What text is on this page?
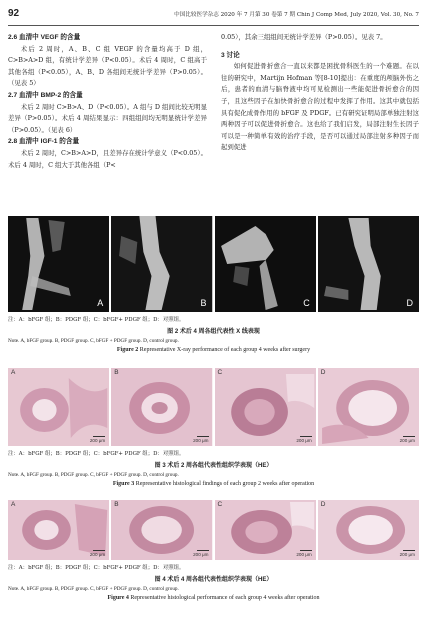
92	中国比较医学杂志 2020 年 7 月第 30 卷第 7 期 Chin J Comp Med, July 2020, Vol. 30, No. 7
2.6 血清中 VEGF 的含量

术后 2 周时，A、B、C 组 VEGF 的含量均高于 D 组，C>B>A>D 组，有统计学差异（P<0.05）。术后 4 周时，C 组高于其他各组（P<0.05），A、B、D 各组间无统计学差异（P>0.05）。（见表 5）

2.7 血清中 BMP-2 的含量

术后 2 周时 C>B>A、D（P<0.05）。A 组与 D 组间比较无明显差异（P>0.05）。术后 4 周结果显示：四组组间均无明显统计学差异（P>0.05）。（见表 6）

2.8 血清中 IGF-1 的含量

术后 2 周时，C>B>A>D，且差异存在统计学意义（P<0.05）。术后 4 周时，C 组大于其他各组（P<

0.05），其余三组组间无统计学差异（P>0.05）。见表 7。

3 讨论

如何促进骨折愈合一直以来都是困扰骨科医生的一个难题。在以往的研究中，Martijn Hofman 等[8-10]提出：在重度的颅脑外伤之后，患者的血清与脑脊液中均可见检测出一些能促进骨折愈合的因子，且这些因子在加快骨折愈合的过程中发挥了作用。这其中就包括具有促化成骨作用的 bFGF 及 PDGF。已有研究证明局部单独注射这两种因子可以促进骨折愈合。这也给了我们启发，局部注射生长因子可以是一种简单有效的治疗手段，是否可以通过局部注射多种因子而起到促进

A	B	C	D
注：A：bFGF 组；B：PDGF 组；C：bFGF+ PDGF 组；D：对照组。
图 2 术后 4 周各组代表性 X 线表现
Note. A, bFGF group. B, PDGF group. C, bFGF + PDGF group. D, control group.
Figure 2 Representative X-ray performance of each group 4 weeks after surgery
A
200 μm
B
200 μm
C
200 μm
D
200 μm
注：A：bFGF 组；B：PDGF 组；C：bFGF+ PDGF 组；D：对照组。
图 3 术后 2 周各组代表性组织学表现（HE）
Note. A, bFGF group. B, PDGF group. C, bFGF + PDGF group. D, control group.
Figure 3 Representative histological findings of each group 2 weeks after operation
A
200 μm
B
200 μm
C
200 μm
D
200 μm
注：A：bFGF 组；B：PDGF 组；C：bFGF+ PDGF 组；D：对照组。
图 4 术后 4 周各组代表性组织学表现（HE）
Note. A, bFGF group. B, PDGF group. C, bFGF + PDGF group. D, control group.
Figure 4 Representative histological performance of each group 4 weeks after operation
